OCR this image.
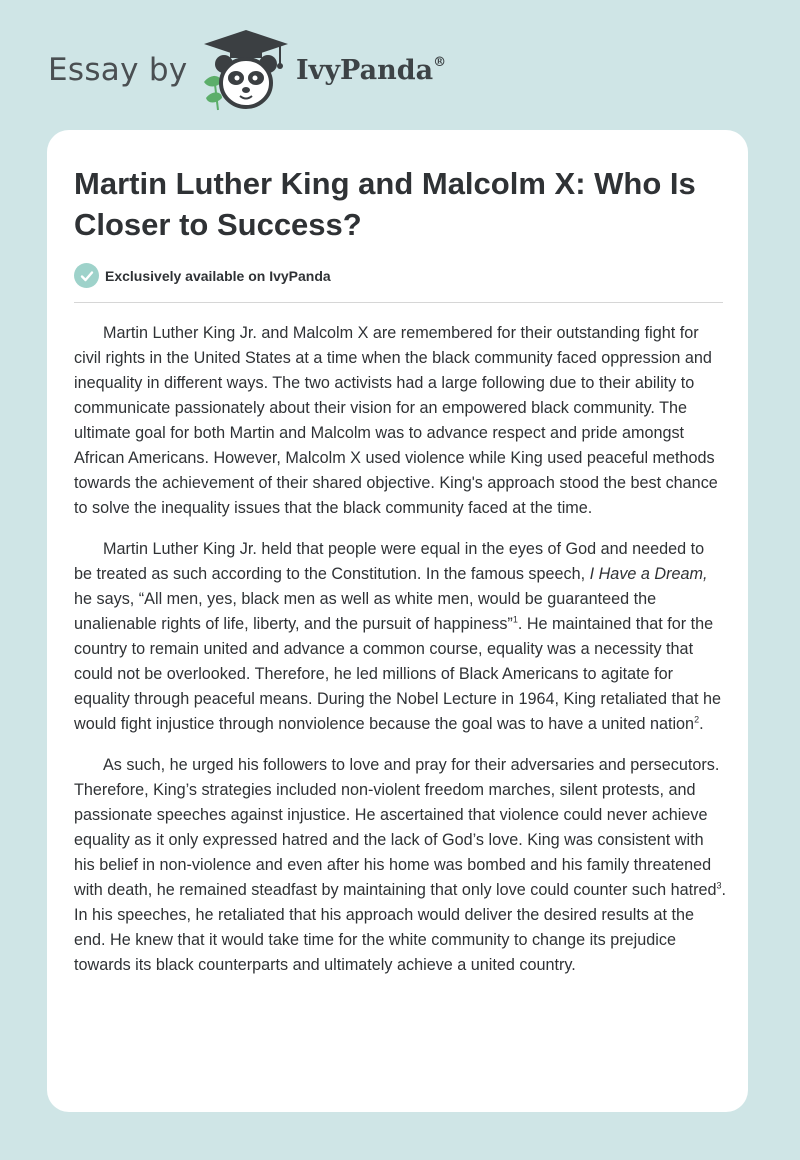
Essay by	IvyPanda®
Martin Luther King and Malcolm X: Who Is Closer to Success?
Exclusively available on IvyPanda

Martin Luther King Jr. and Malcolm X are remembered for their outstanding fight for civil rights in the United States at a time when the black community faced oppression and inequality in different ways. The two activists had a large following due to their ability to communicate passionately about their vision for an empowered black community. The ultimate goal for both Martin and Malcolm was to advance respect and pride amongst African Americans. However, Malcolm X used violence while King used peaceful methods towards the achievement of their shared objective. King's approach stood the best chance to solve the inequality issues that the black community faced at the time.

Martin Luther King Jr. held that people were equal in the eyes of God and needed to be treated as such according to the Constitution. In the famous speech, I Have a Dream, he says, “All men, yes, black men as well as white men, would be guaranteed the unalienable rights of life, liberty, and the pursuit of happiness”$^1$. He maintained that for the country to remain united and advance a common course, equality was a necessity that could not be overlooked. Therefore, he led millions of Black Americans to agitate for equality through peaceful means. During the Nobel Lecture in 1964, King retaliated that he would fight injustice through nonviolence because the goal was to have a united nation$^2$.

As such, he urged his followers to love and pray for their adversaries and persecutors. Therefore, King’s strategies included non-violent freedom marches, silent protests, and passionate speeches against injustice. He ascertained that violence could never achieve equality as it only expressed hatred and the lack of God’s love. King was consistent with his belief in non-violence and even after his home was bombed and his family threatened with death, he remained steadfast by maintaining that only love could counter such hatred$^3$. In his speeches, he retaliated that his approach would deliver the desired results at the end. He knew that it would take time for the white community to change its prejudice towards its black counterparts and ultimately achieve a united country.
